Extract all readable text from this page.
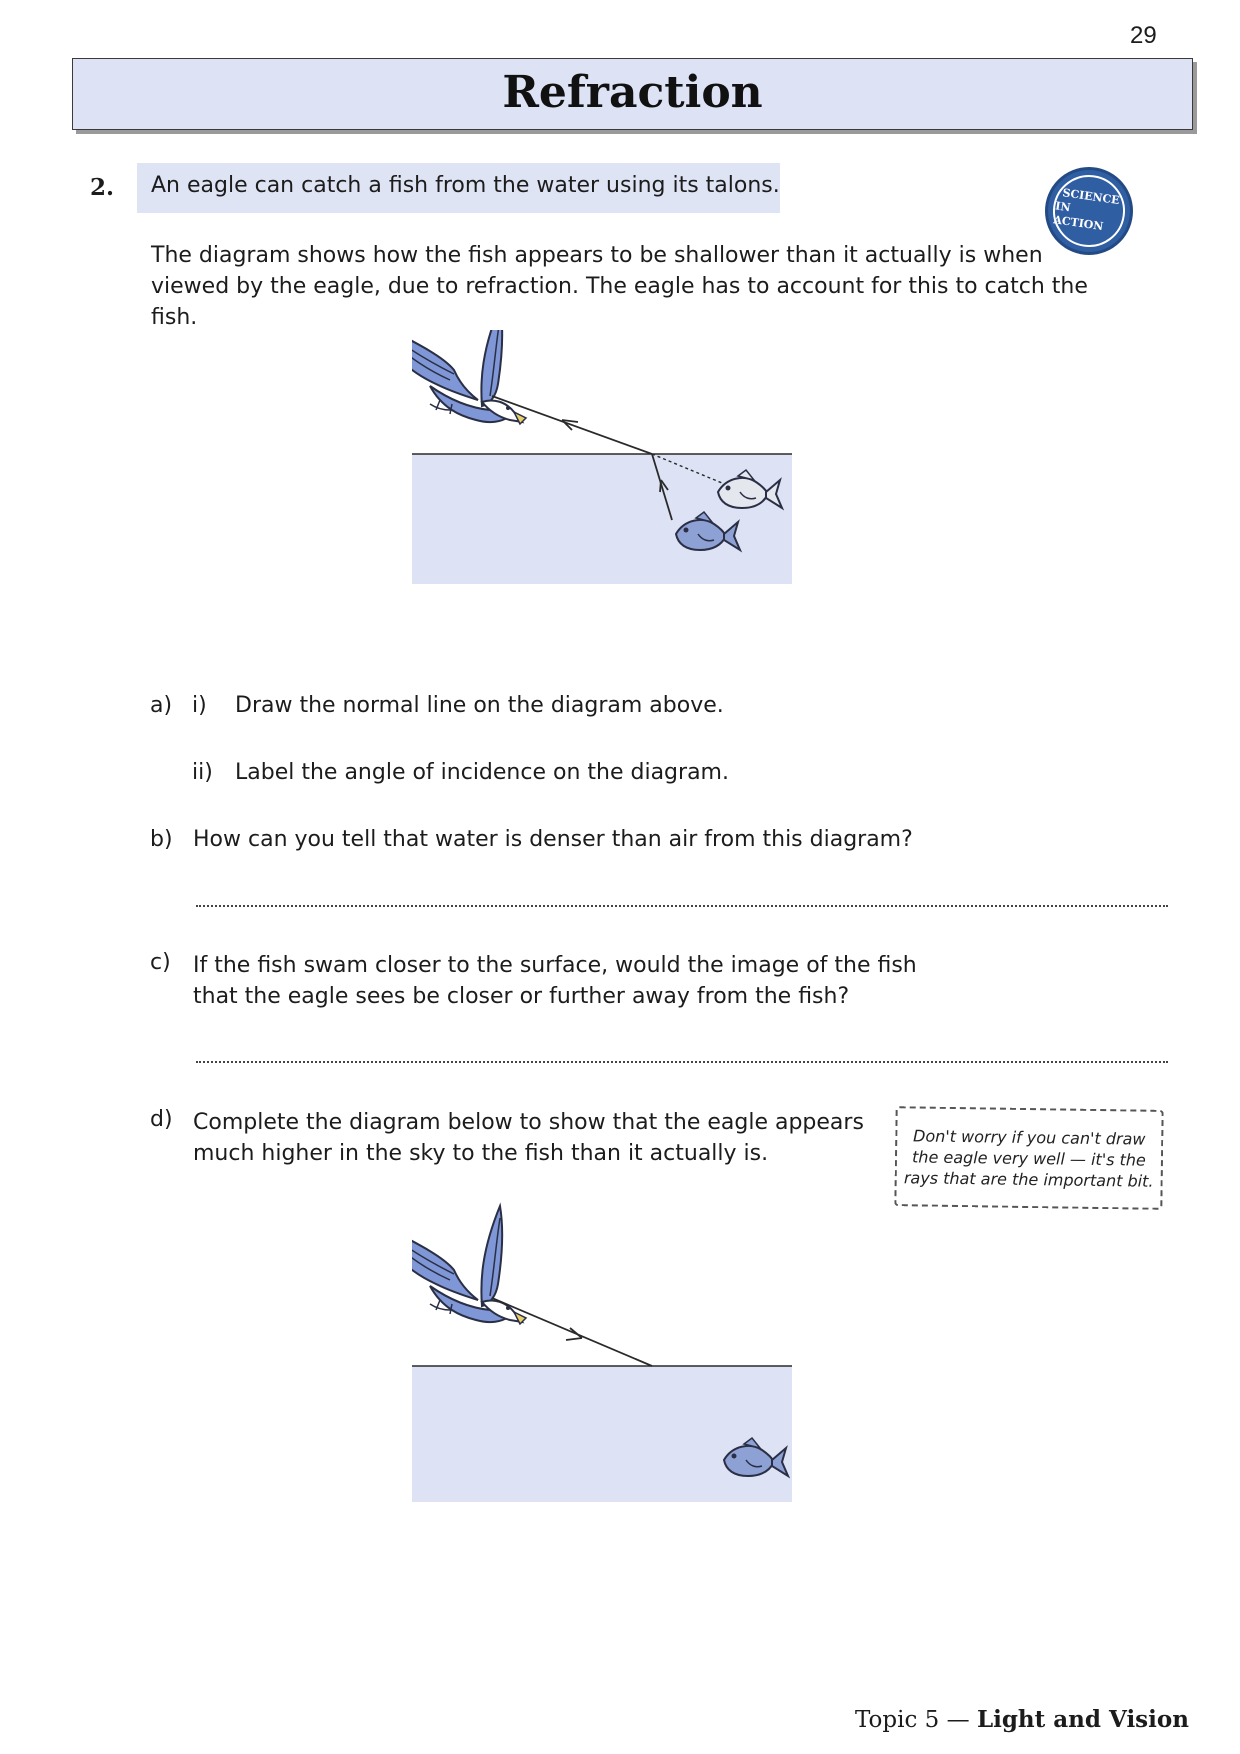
29
Refraction
2.	An eagle can catch a fish from the water using its talons.	SCIENCE
IN ACTION
The diagram shows how the fish appears to be shallower than it actually is when
viewed by the eagle, due to refraction. The eagle has to account for this to catch the fish.
a) i) Draw the normal line on the diagram above.
ii) Label the angle of incidence on the diagram.
b) How can you tell that water is denser than air from this diagram?
c) If the fish swam closer to the surface, would the image of the fish
that the eagle sees be closer or further away from the fish?
d) Complete the diagram below to show that the eagle appears
much higher in the sky to the fish than it actually is.
Don't worry if you can't draw
the eagle very well — it's the
rays that are the important bit.
Topic 5 — Light and Vision
